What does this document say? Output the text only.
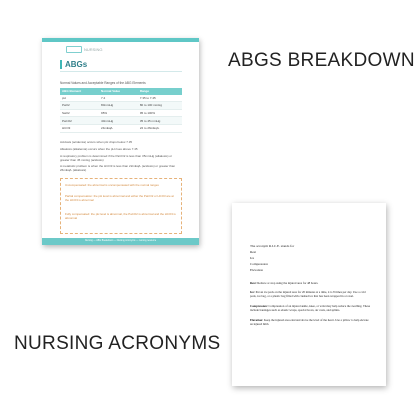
NURSING
ABGs
Normal Values and Acceptable Ranges of the ABG Elements
ABG Element	Normal Value	Range
pH	7.4	7.35 to 7.45
PaO2	80mmHg	80 to 100 mmHg
SaO2	95%	95 to 100%
PaCO2	40mmHg	35 to 45 mmHg
HCO3	24mEq/L	22 to 26mEq/L
Acidosis (acidemia) occurs when pH drops below 7.35
Alkalosis (alkalemia) occurs when the pH rises above 7.45
A respiratory problem is determined if the PaCO2 is less than 35mmHg (alkalosis) or greater than 45 mmHg (acidosis)
A metabolic problem is when the HCO3 is less than 22mEq/L (acidosis) or greater than 26mEq/L (alkalosis)
Uncompensated: the abnormal is uncompensated with the normal ranges
Partial compensation: the pH level is abnormal and either the PaCO2 or HCO3 are at the HCO3 is abnormal
Fully compensated: the pH level is abnormal, the PaCO2 is abnormal and the HCO3 is abnormal
Nursing — ABG Breakdown — Nursing Acronyms — nursing resource
ABGS BREAKDOWN
NURSING ACRONYMS
The acronym R.I.C.E. stands for
Rest
Ice
Compression
Elevation
Rest: Reduce or stop using the injured area for 48 hours.
Ice: Put an ice pack on the injured area for 20 minutes at a time, 4 to 8 times per day. Use a cold pack, ice bag, or a plastic bag filled with crushed ice that has been wrapped in a towel.
Compression: Compression of an injured ankle, knee, or wrist may help reduce the swelling. These include bandages such as elastic wraps, special boots, air casts, and splints.
Elevation: Keep the injured area elevated above the level of the heart. Use a pillow to help elevate an injured limb.
